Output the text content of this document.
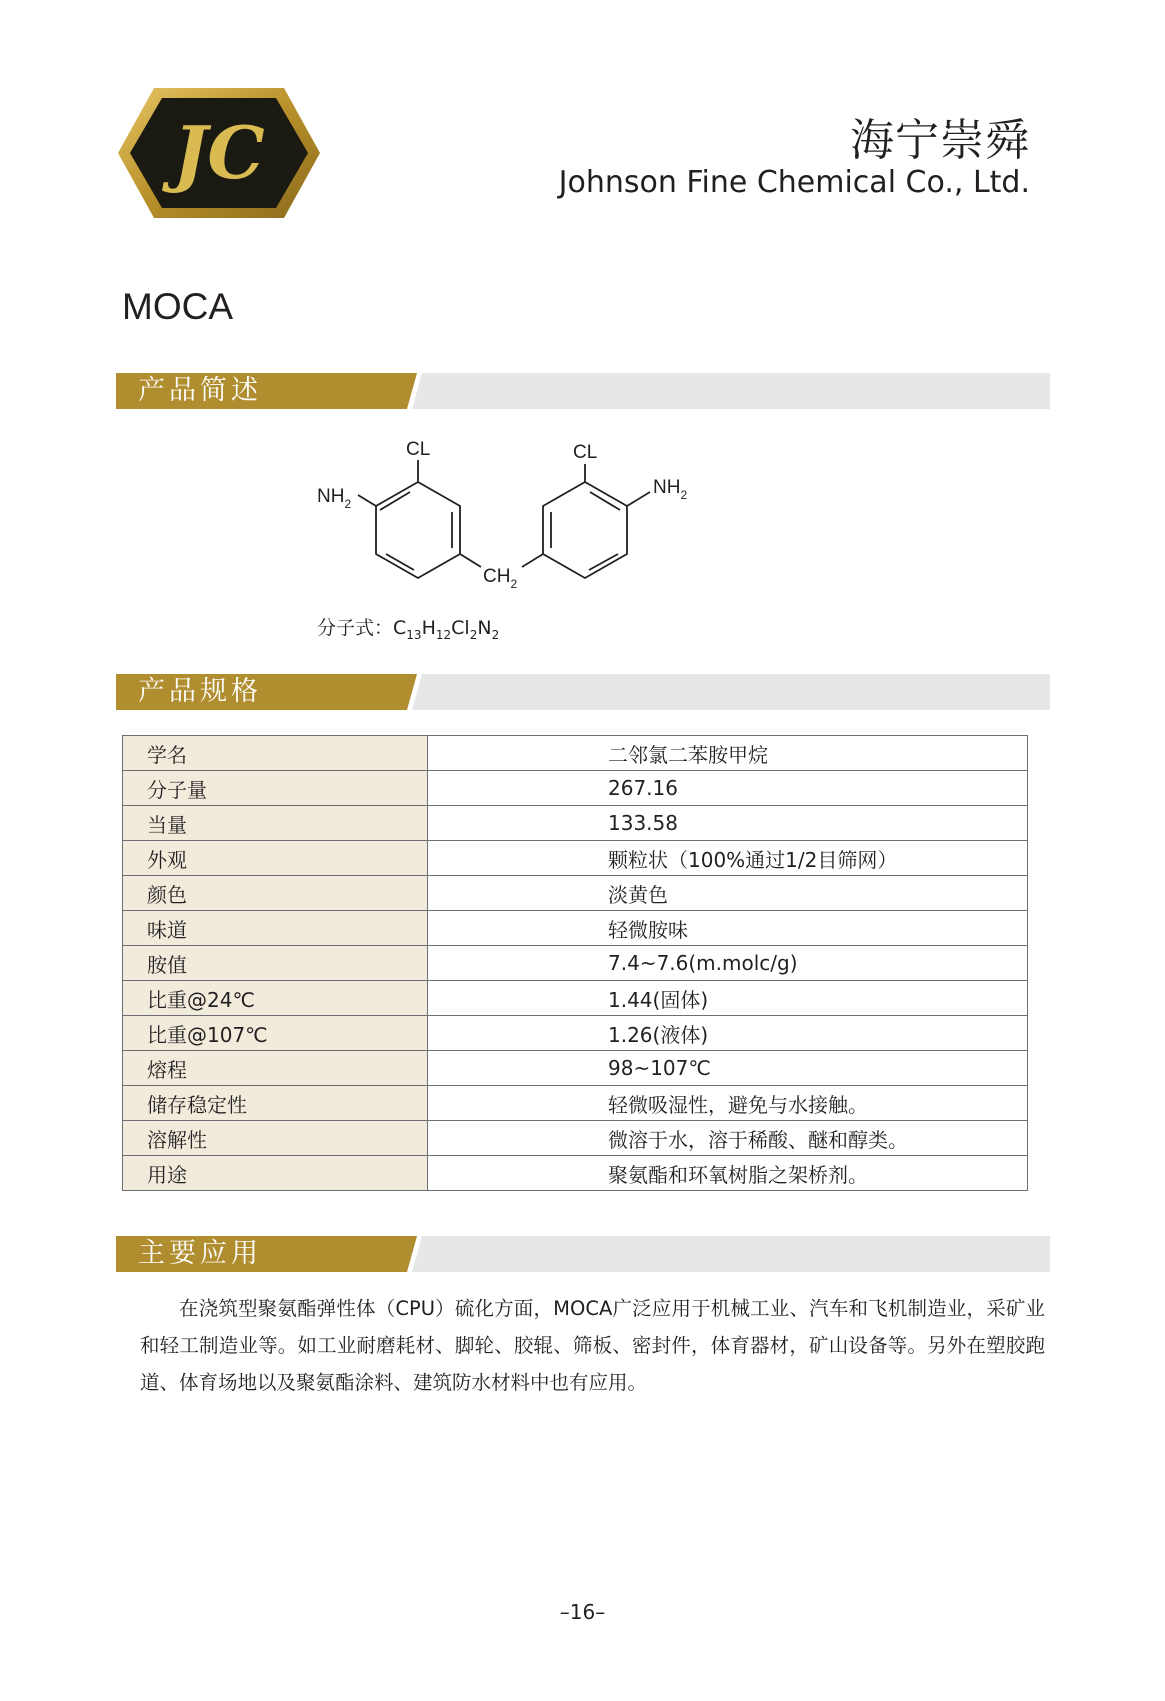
JC	海宁崇舜
Johnson Fine Chemical Co., Ltd.
MOCA
产品简述
CL	CL
$NH_2$
$NH_2$
$CH_2$
分子式：$C_{13}H_{12}Cl_2N_2$
产品规格
学名	二邻氯二苯胺甲烷
分子量	267.16
当量	133.58
外观	颗粒状（100%通过1/2目筛网）
颜色	淡黄色
味道	轻微胺味
胺值	7.4~7.6(m.molc/g)
比重@24℃	1.44(固体)
比重@107℃	1.26(液体)
熔程	98~107℃
储存稳定性	轻微吸湿性，避免与水接触。
溶解性	微溶于水，溶于稀酸、醚和醇类。
用途	聚氨酯和环氧树脂之架桥剂。
主要应用
在浇筑型聚氨酯弹性体（CPU）硫化方面，MOCA广泛应用于机械工业、汽车和飞机制造业，采矿业和轻工制造业等。如工业耐磨耗材、脚轮、胶辊、筛板、密封件，体育器材，矿山设备等。另外在塑胶跑道、体育场地以及聚氨酯涂料、建筑防水材料中也有应用。
–16–
